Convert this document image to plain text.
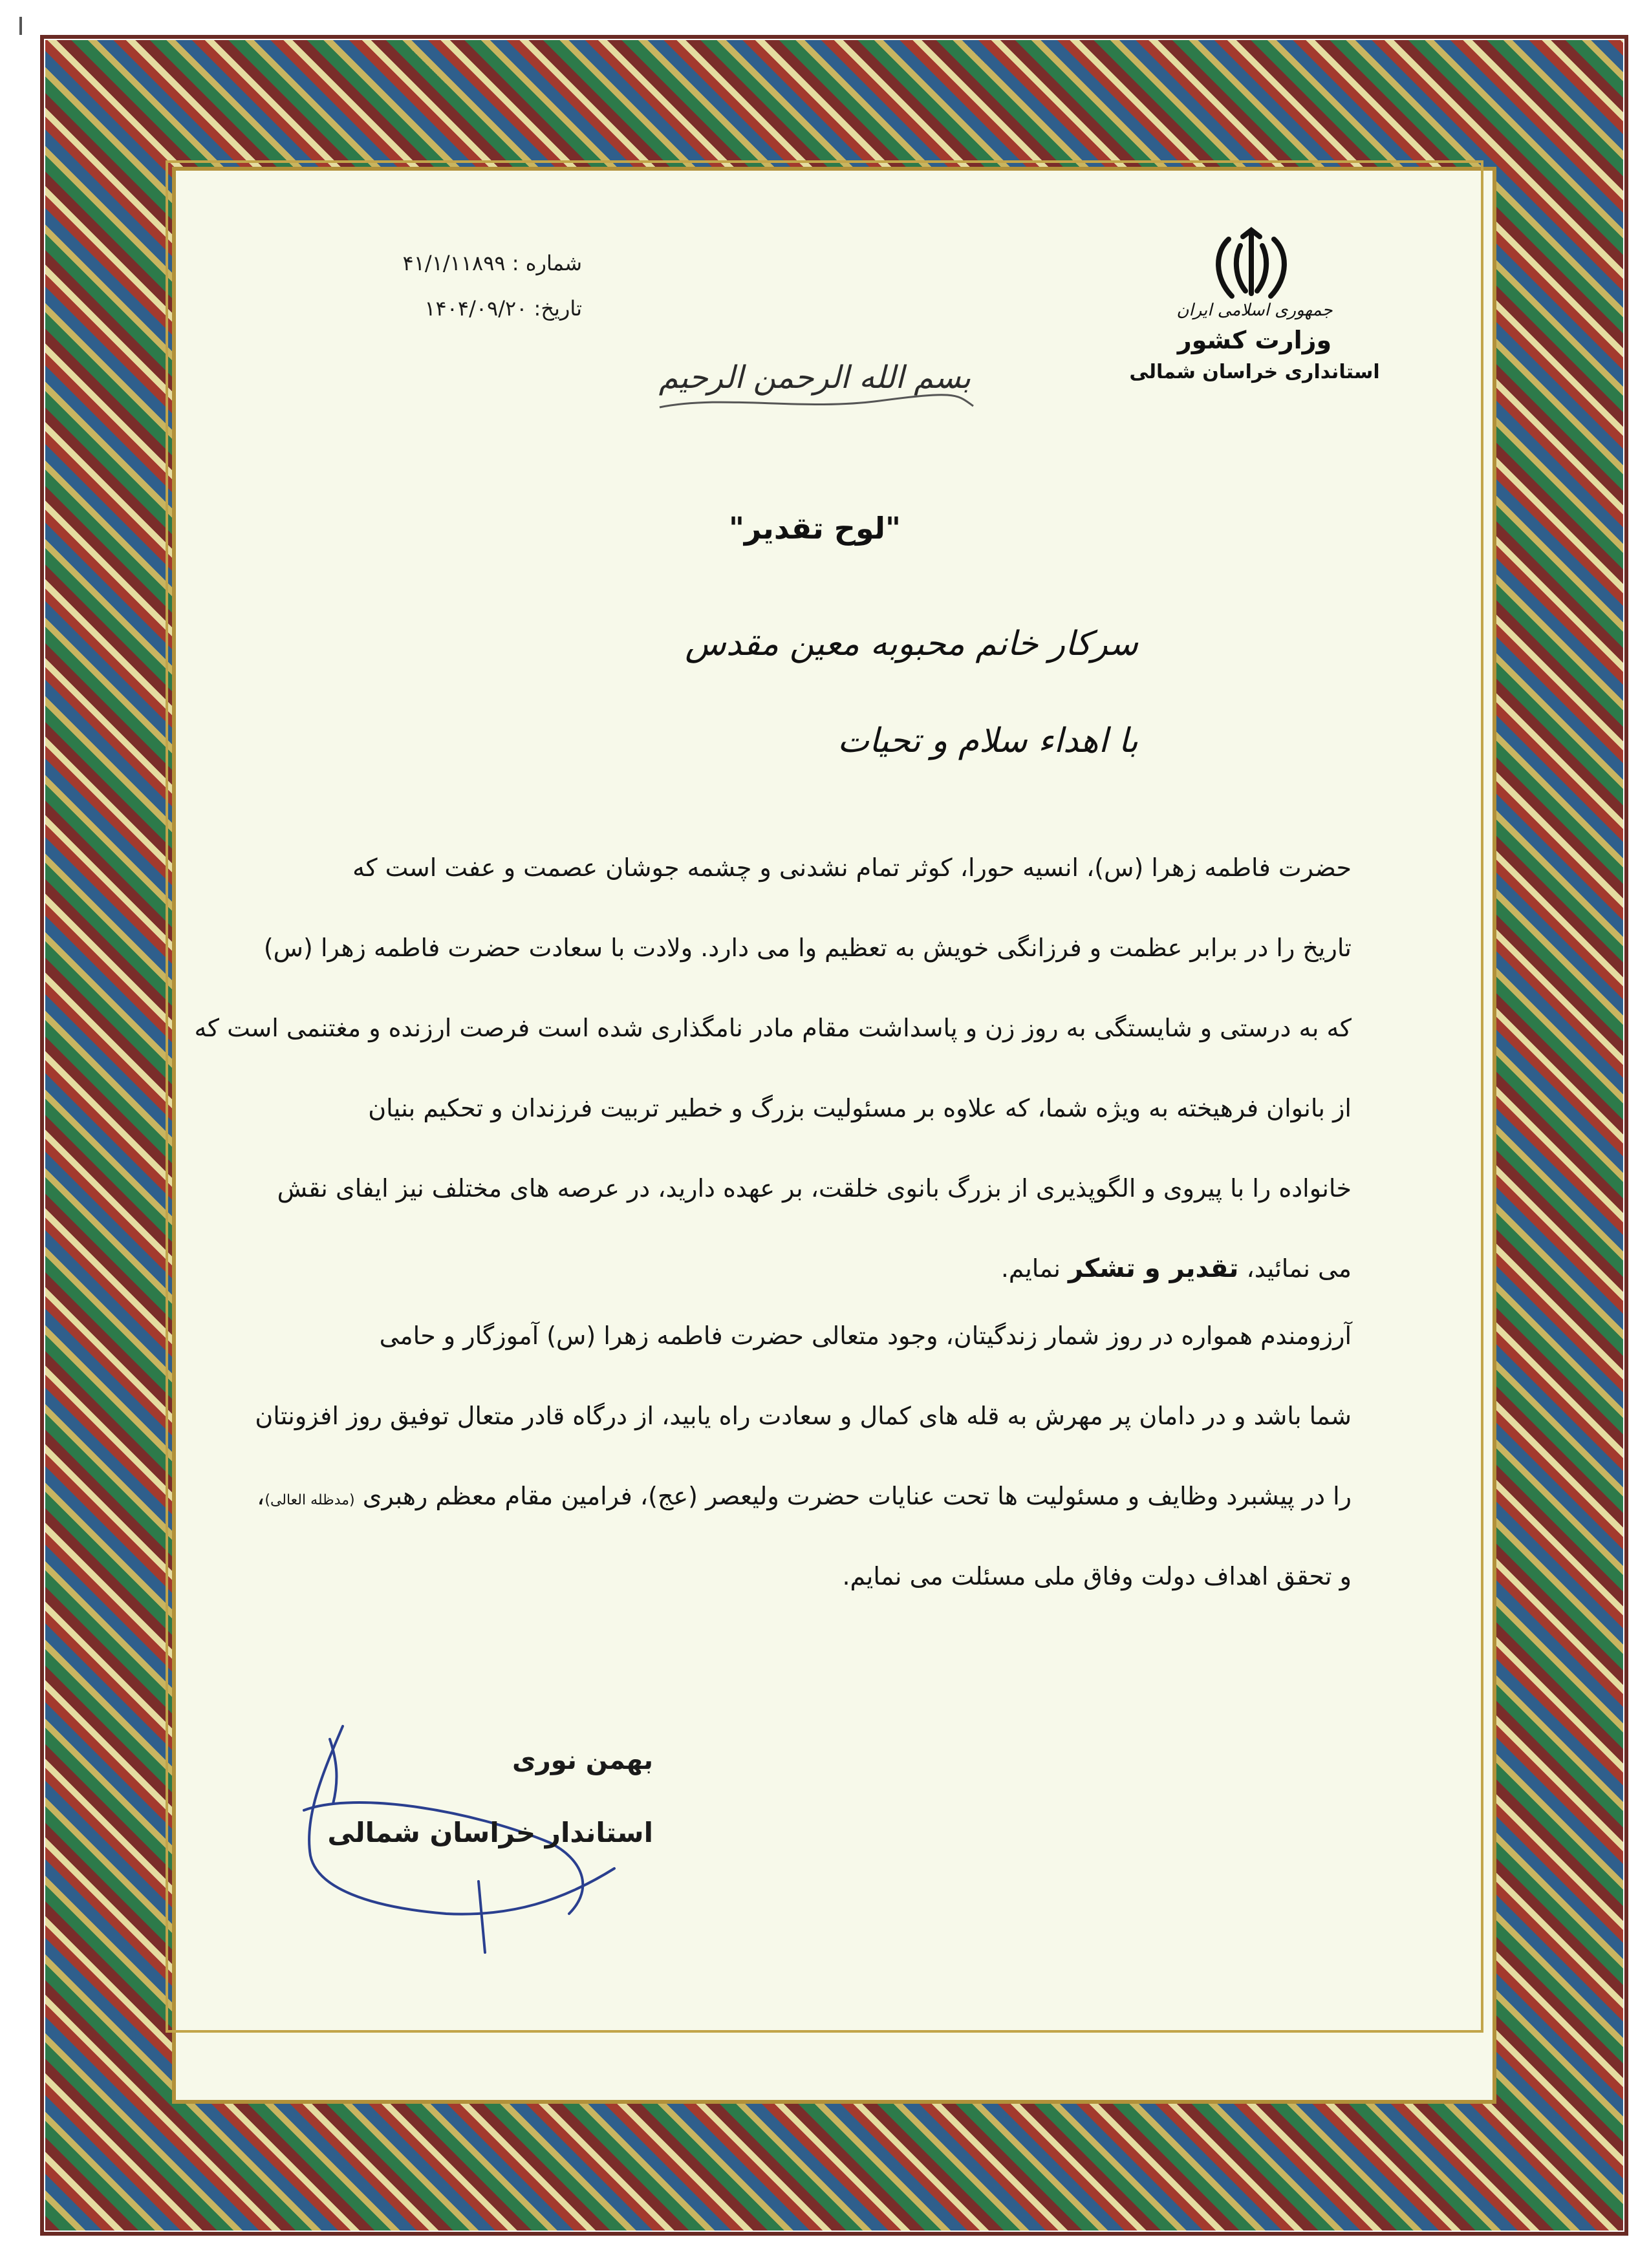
جمهوری اسلامی ایران
وزارت کشور
استانداری خراسان شمالی
شماره : ۴۱/۱/۱۱۸۹۹
تاریخ: ۱۴۰۴/۰۹/۲۰
بسم الله الرحمن الرحیم
"لوح تقدیر"
سرکار خانم محبوبه معین مقدس
با اهداء سلام و تحیات
حضرت فاطمه زهرا (س)، انسیه حورا، کوثر تمام نشدنی و چشمه جوشان عصمت و عفت است که
تاریخ را در برابر عظمت و فرزانگی خویش به تعظیم وا می دارد. ولادت با سعادت حضرت فاطمه زهرا (س)
که به درستی و شایستگی به روز زن و پاسداشت مقام مادر نامگذاری شده است فرصت ارزنده و مغتنمی است که
از بانوان فرهیخته به ویژه شما، که علاوه بر مسئولیت بزرگ و خطیر تربیت فرزندان و تحکیم بنیان
خانواده را با پیروی و الگوپذیری از بزرگ بانوی خلقت، بر عهده دارید، در عرصه های مختلف نیز ایفای نقش
می نمائید، تقدیر و تشکر نمایم.
آرزومندم همواره در روز شمار زندگیتان، وجود متعالی حضرت فاطمه زهرا (س) آموزگار و حامی
شما باشد و در دامان پر مهرش به قله های کمال و سعادت راه یابید، از درگاه قادر متعال توفیق روز افزونتان
را در پیشبرد وظایف و مسئولیت ها تحت عنایات حضرت ولیعصر (عج)، فرامین مقام معظم رهبری (مدظله العالی)،
و تحقق اهداف دولت وفاق ملی مسئلت می نمایم.
بهمن نوری
استاندار خراسان شمالی
